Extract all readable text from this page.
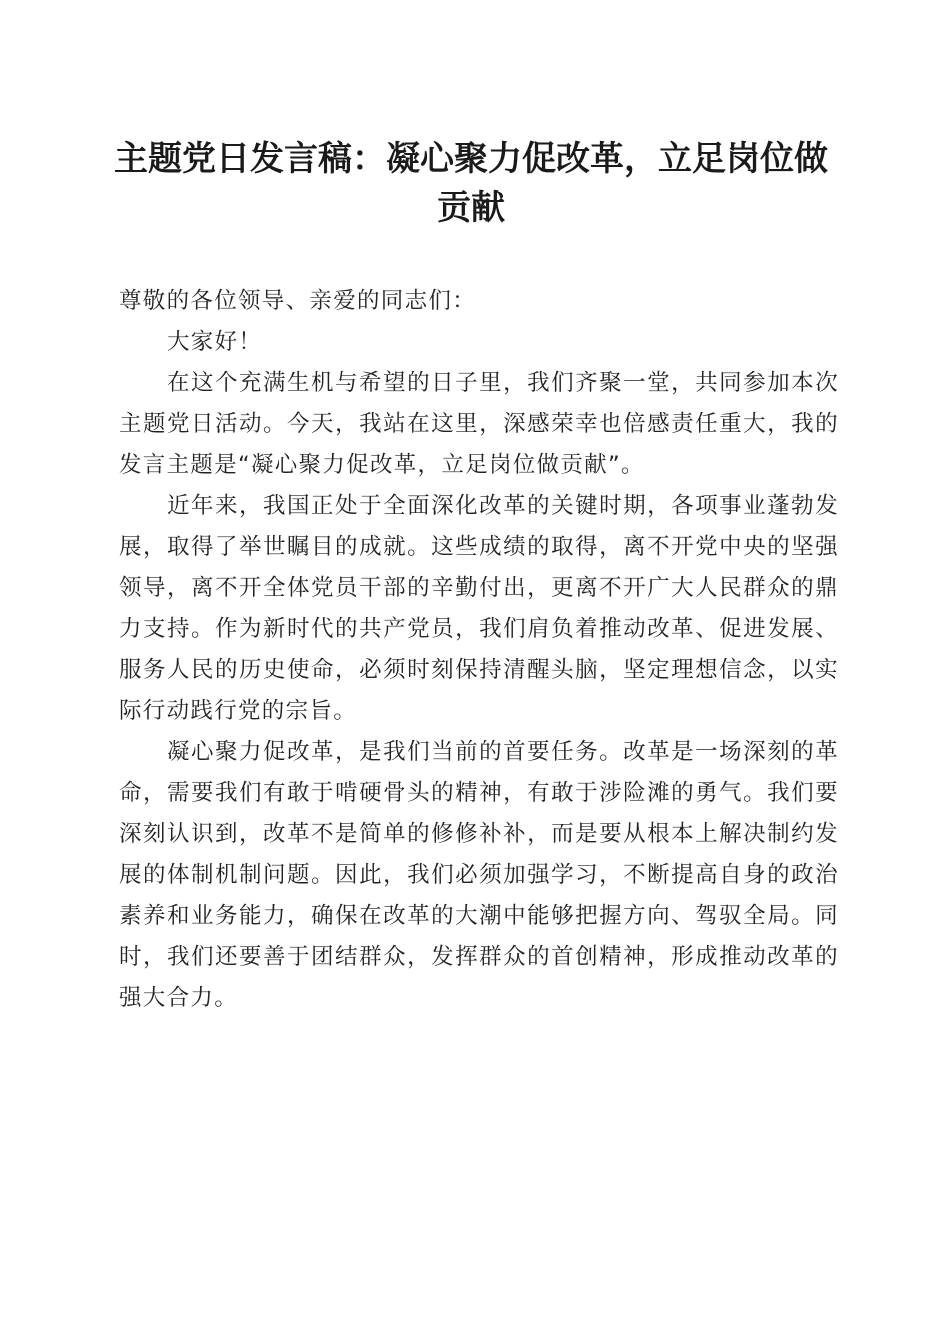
主题党日发言稿：凝心聚力促改革，立足岗位做贡献

尊敬的各位领导、亲爱的同志们：

大家好！

在这个充满生机与希望的日子里，我们齐聚一堂，共同参加本次主题党日活动。今天，我站在这里，深感荣幸也倍感责任重大，我的发言主题是“凝心聚力促改革，立足岗位做贡献”。

近年来，我国正处于全面深化改革的关键时期，各项事业蓬勃发展，取得了举世瞩目的成就。这些成绩的取得，离不开党中央的坚强领导，离不开全体党员干部的辛勤付出，更离不开广大人民群众的鼎力支持。作为新时代的共产党员，我们肩负着推动改革、促进发展、服务人民的历史使命，必须时刻保持清醒头脑，坚定理想信念，以实际行动践行党的宗旨。

凝心聚力促改革，是我们当前的首要任务。改革是一场深刻的革命，需要我们有敢于啃硬骨头的精神，有敢于涉险滩的勇气。我们要深刻认识到，改革不是简单的修修补补，而是要从根本上解决制约发展的体制机制问题。因此，我们必须加强学习，不断提高自身的政治素养和业务能力，确保在改革的大潮中能够把握方向、驾驭全局。同时，我们还要善于团结群众，发挥群众的首创精神，形成推动改革的强大合力。
